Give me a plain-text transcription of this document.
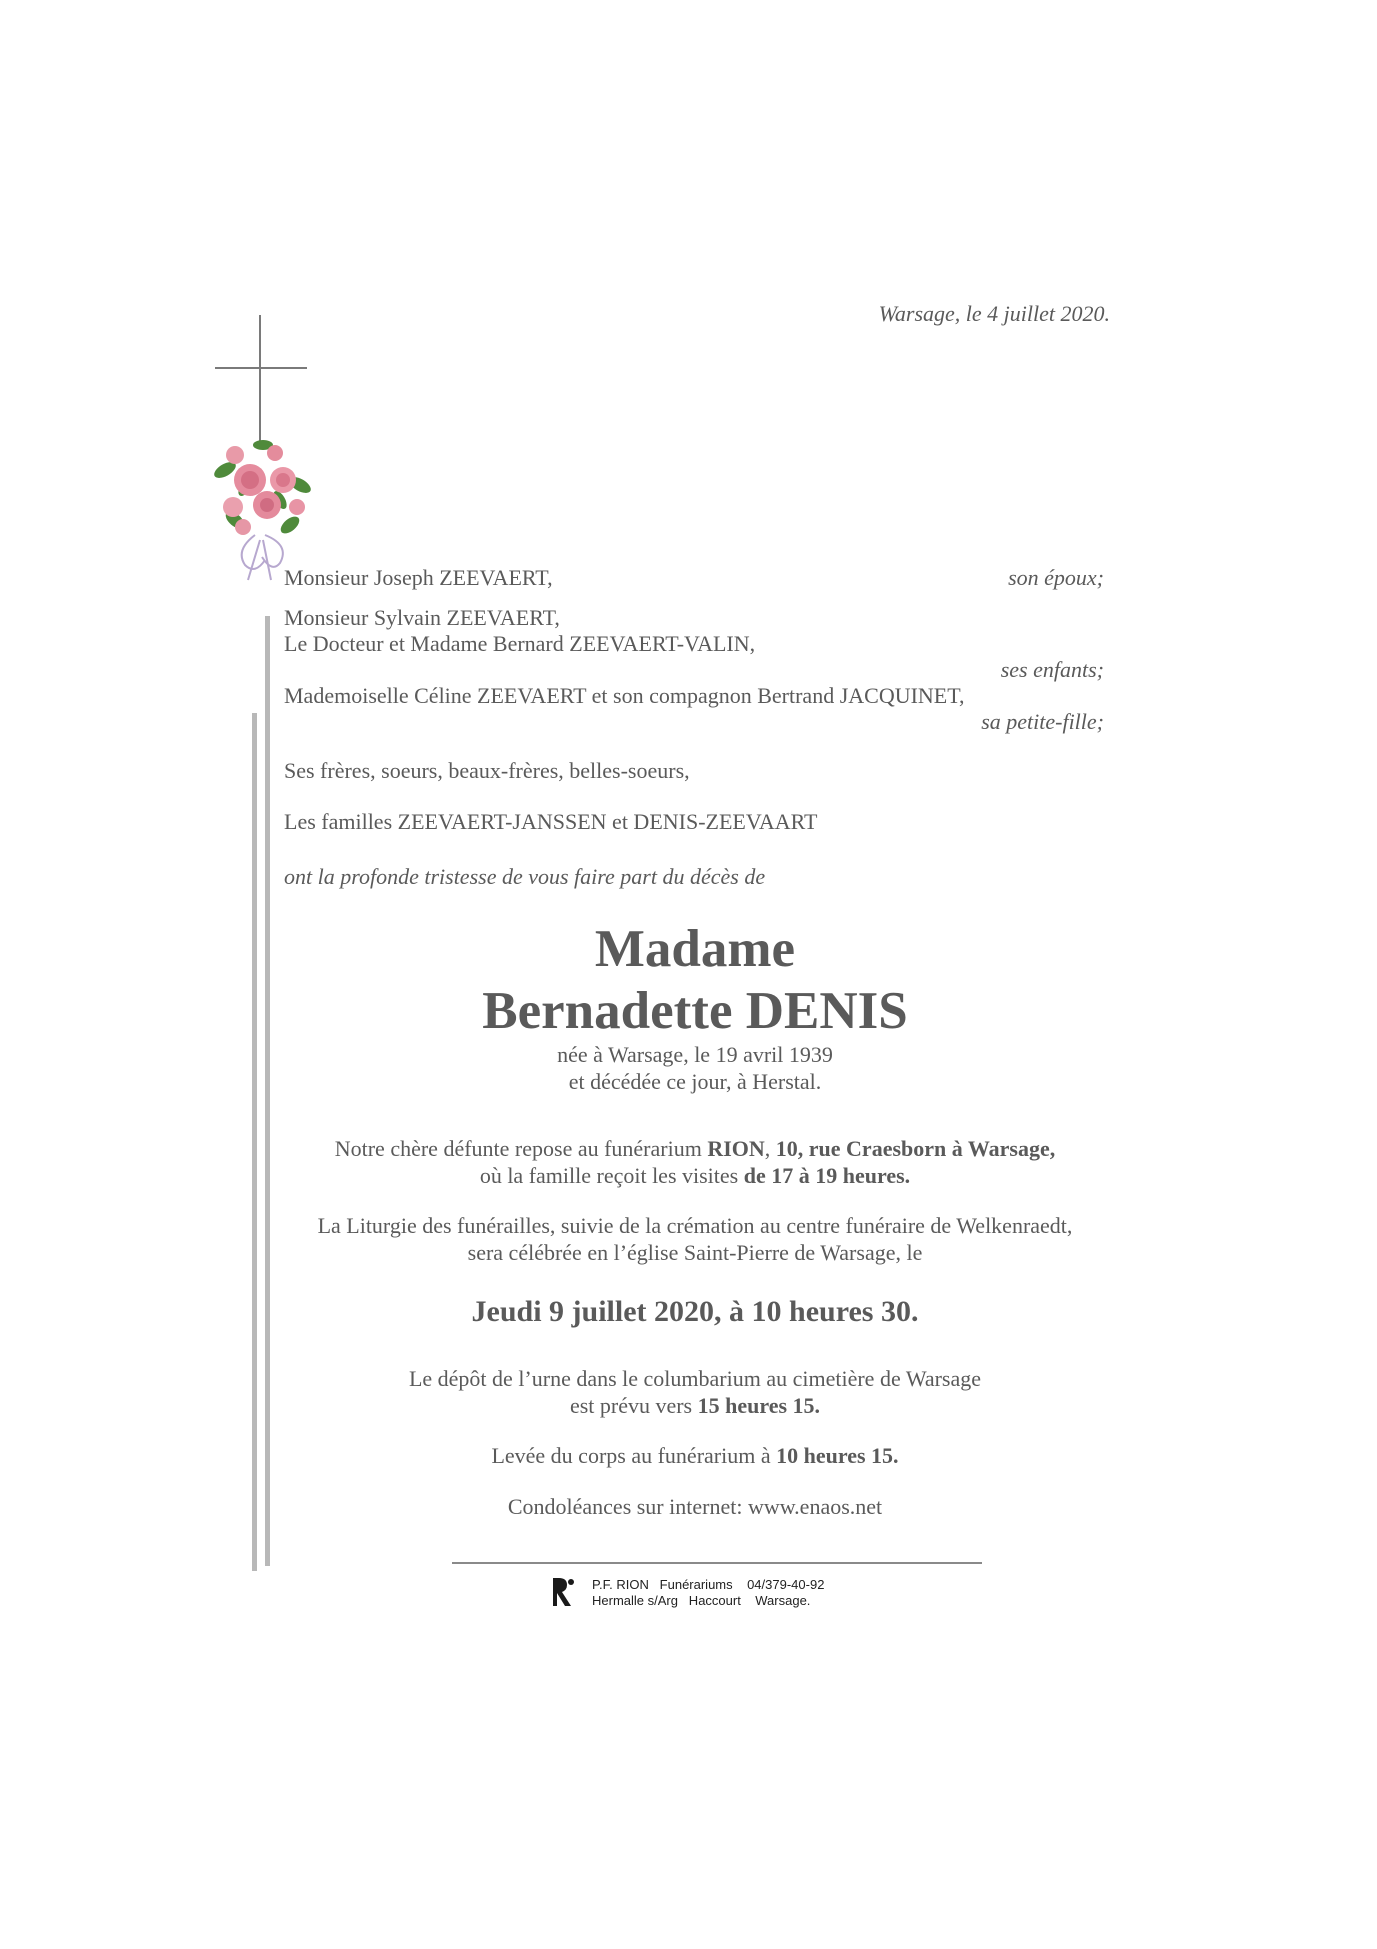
Warsage, le 4 juillet 2020.
Monsieur Joseph ZEEVAERT,	son époux;
Monsieur Sylvain ZEEVAERT,
Le Docteur et Madame Bernard ZEEVAERT-VALIN,
ses enfants;
Mademoiselle Céline ZEEVAERT et son compagnon Bertrand JACQUINET,
sa petite-fille;
Ses frères, soeurs, beaux-frères, belles-soeurs,
Les familles ZEEVAERT-JANSSEN et DENIS-ZEEVAART
ont la profonde tristesse de vous faire part du décès de
Madame
Bernadette DENIS
née à Warsage, le 19 avril 1939
et décédée ce jour, à Herstal.
Notre chère défunte repose au funérarium RION, 10, rue Craesborn à Warsage,
où la famille reçoit les visites de 17 à 19 heures.
La Liturgie des funérailles, suivie de la crémation au centre funéraire de Welkenraedt,
sera célébrée en l’église Saint-Pierre de Warsage, le
Jeudi 9 juillet 2020, à 10 heures 30.
Le dépôt de l’urne dans le columbarium au cimetière de Warsage
est prévu vers 15 heures 15.
Levée du corps au funérarium à 10 heures 15.
Condoléances sur internet: www.enaos.net
P.F. RION   Funérariums    04/379-40-92
Hermalle s/Arg   Haccourt    Warsage.
